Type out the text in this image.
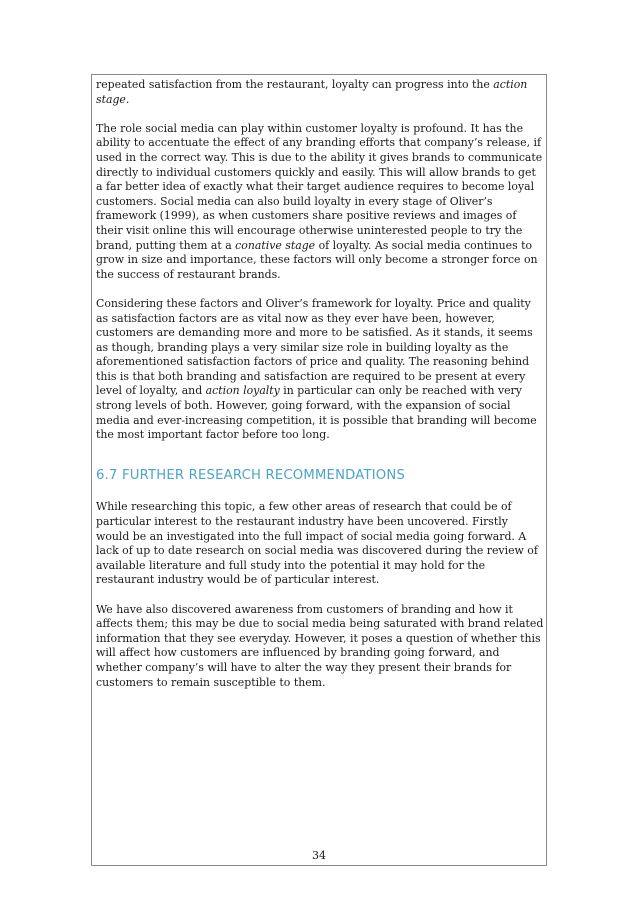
repeated satisfaction from the restaurant, loyalty can progress into the action stage.

The role social media can play within customer loyalty is profound. It has the ability to accentuate the effect of any branding efforts that company’s release, if used in the correct way. This is due to the ability it gives brands to communicate directly to individual customers quickly and easily. This will allow brands to get a far better idea of exactly what their target audience requires to become loyal customers. Social media can also build loyalty in every stage of Oliver’s framework (1999), as when customers share positive reviews and images of their visit online this will encourage otherwise uninterested people to try the brand, putting them at a conative stage of loyalty. As social media continues to grow in size and importance, these factors will only become a stronger force on the success of restaurant brands.

Considering these factors and Oliver’s framework for loyalty. Price and quality as satisfaction factors are as vital now as they ever have been, however, customers are demanding more and more to be satisfied. As it stands, it seems as though, branding plays a very similar size role in building loyalty as the aforementioned satisfaction factors of price and quality. The reasoning behind this is that both branding and satisfaction are required to be present at every level of loyalty, and action loyalty in particular can only be reached with very strong levels of both. However, going forward, with the expansion of social media and ever-increasing competition, it is possible that branding will become the most important factor before too long.

6.7 FURTHER RESEARCH RECOMMENDATIONS

While researching this topic, a few other areas of research that could be of particular interest to the restaurant industry have been uncovered. Firstly would be an investigated into the full impact of social media going forward. A lack of up to date research on social media was discovered during the review of available literature and full study into the potential it may hold for the restaurant industry would be of particular interest.

We have also discovered awareness from customers of branding and how it affects them; this may be due to social media being saturated with brand related information that they see everyday. However, it poses a question of whether this will affect how customers are influenced by branding going forward, and whether company’s will have to alter the way they present their brands for customers to remain susceptible to them.

34
